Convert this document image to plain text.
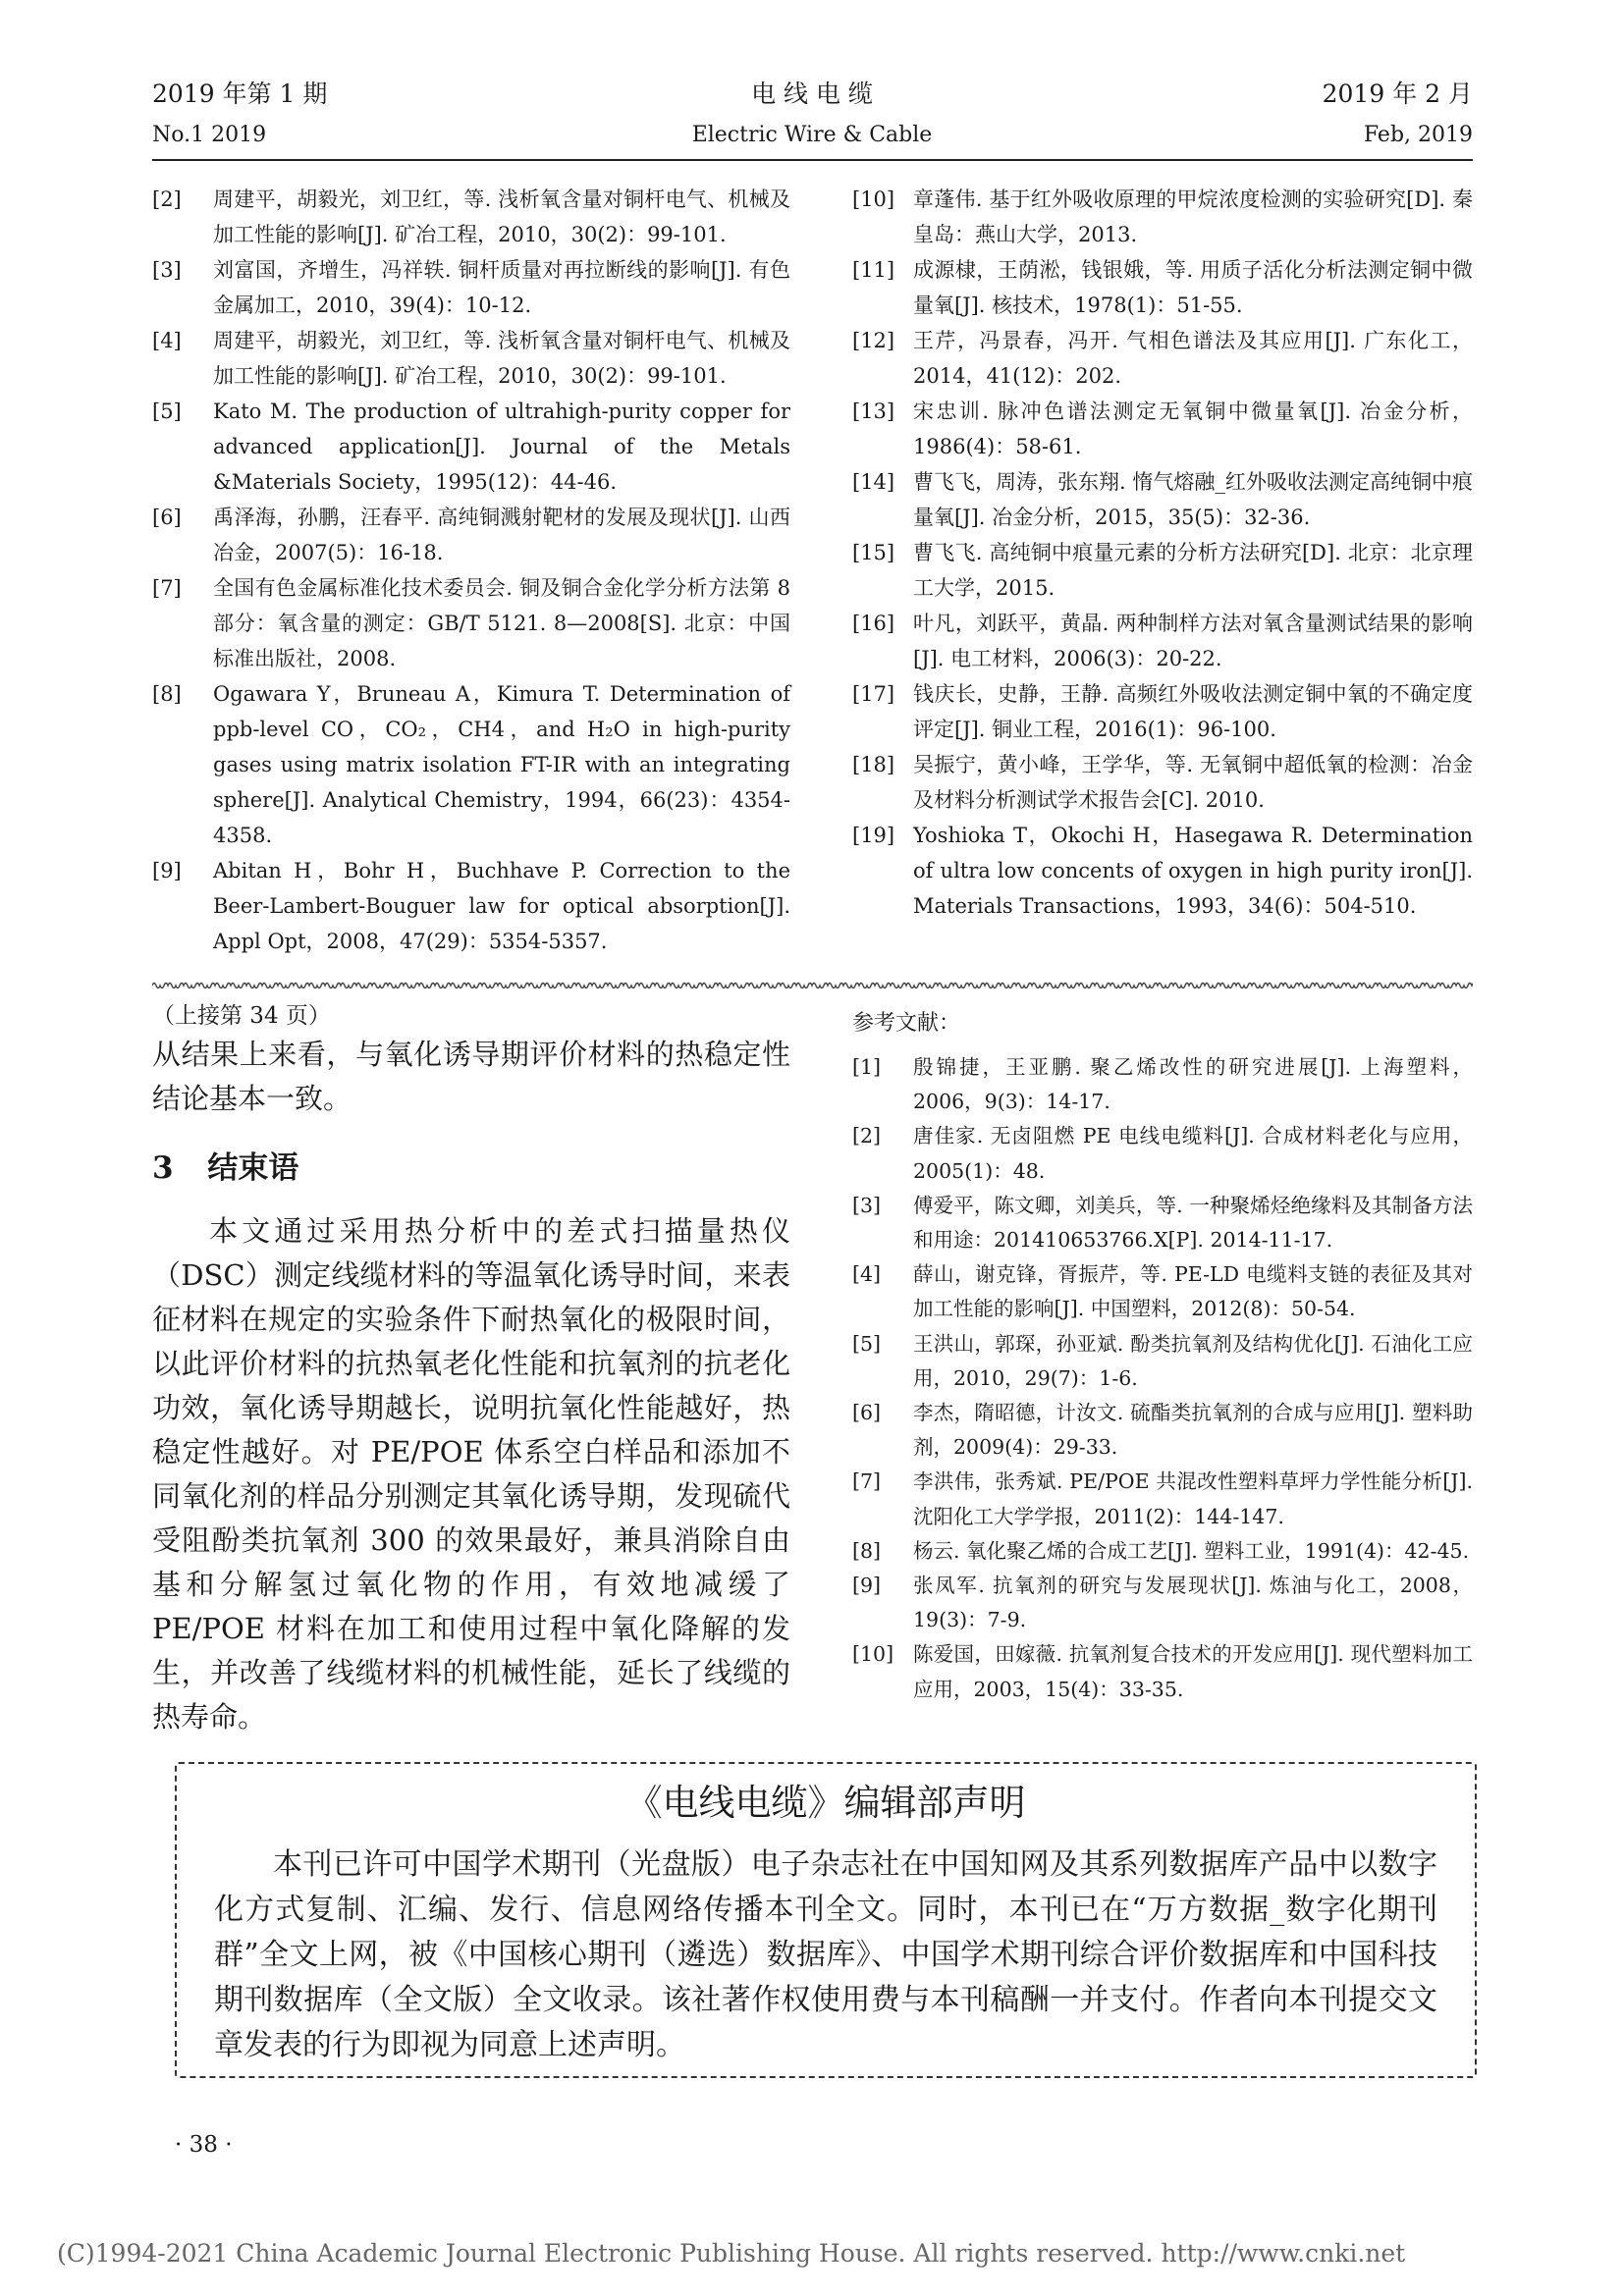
2019 年第 1 期
No.1 2019
电 线 电 缆
Electric Wire & Cable
2019 年 2 月
Feb, 2019
[2] 周建平，胡毅光，刘卫红，等. 浅析氧含量对铜杆电气、机械及加工性能的影响[J]. 矿冶工程，2010，30(2)：99-101.
[3] 刘富国，齐增生，冯祥轶. 铜杆质量对再拉断线的影响[J]. 有色金属加工，2010，39(4)：10-12.
[4] 周建平，胡毅光，刘卫红，等. 浅析氧含量对铜杆电气、机械及加工性能的影响[J]. 矿冶工程，2010，30(2)：99-101.
[5] Kato M. The production of ultrahigh-purity copper for advanced application[J]. Journal of the Metals &Materials Society，1995(12)：44-46.
[6] 禹泽海，孙鹏，汪春平. 高纯铜溅射靶材的发展及现状[J]. 山西冶金，2007(5)：16-18.
[7] 全国有色金属标准化技术委员会. 铜及铜合金化学分析方法第 8 部分：氧含量的测定：GB/T 5121. 8—2008[S]. 北京：中国标准出版社，2008.
[8] Ogawara Y，Bruneau A，Kimura T. Determination of ppb-level CO，CO₂，CH4，and H₂O in high-purity gases using matrix isolation FT-IR with an integrating sphere[J]. Analytical Chemistry，1994，66(23)：4354-4358.
[9] Abitan H，Bohr H，Buchhave P. Correction to the Beer-Lambert-Bouguer law for optical absorption[J]. Appl Opt，2008，47(29)：5354-5357.
[10] 章蓬伟. 基于红外吸收原理的甲烷浓度检测的实验研究[D]. 秦皇岛：燕山大学，2013.
[11] 成源棣，王荫淞，钱银娥，等. 用质子活化分析法测定铜中微量氧[J]. 核技术，1978(1)：51-55.
[12] 王芹，冯景春，冯开. 气相色谱法及其应用[J]. 广东化工，2014，41(12)：202.
[13] 宋忠训. 脉冲色谱法测定无氧铜中微量氧[J]. 冶金分析，1986(4)：58-61.
[14] 曹飞飞，周涛，张东翔. 惰气熔融_红外吸收法测定高纯铜中痕量氧[J]. 冶金分析，2015，35(5)：32-36.
[15] 曹飞飞. 高纯铜中痕量元素的分析方法研究[D]. 北京：北京理工大学，2015.
[16] 叶凡，刘跃平，黄晶. 两种制样方法对氧含量测试结果的影响[J]. 电工材料，2006(3)：20-22.
[17] 钱庆长，史静，王静. 高频红外吸收法测定铜中氧的不确定度评定[J]. 铜业工程，2016(1)：96-100.
[18] 吴振宁，黄小峰，王学华，等. 无氧铜中超低氧的检测：冶金及材料分析测试学术报告会[C]. 2010.
[19] Yoshioka T，Okochi H，Hasegawa R. Determination of ultra low concents of oxygen in high purity iron[J]. Materials Transactions，1993，34(6)：504-510.
（上接第 34 页）
从结果上来看，与氧化诱导期评价材料的热稳定性结论基本一致。
3 结束语
本文通过采用热分析中的差式扫描量热仪（DSC）测定线缆材料的等温氧化诱导时间，来表征材料在规定的实验条件下耐热氧化的极限时间，以此评价材料的抗热氧老化性能和抗氧剂的抗老化功效，氧化诱导期越长，说明抗氧化性能越好，热稳定性越好。对 PE/POE 体系空白样品和添加不同氧化剂的样品分别测定其氧化诱导期，发现硫代受阻酚类抗氧剂 300 的效果最好，兼具消除自由基和分解氢过氧化物的作用，有效地减缓了 PE/POE 材料在加工和使用过程中氧化降解的发生，并改善了线缆材料的机械性能，延长了线缆的热寿命。
参考文献：
[1] 殷锦捷，王亚鹏. 聚乙烯改性的研究进展[J]. 上海塑料，2006，9(3)：14-17.
[2] 唐佳家. 无卤阻燃 PE 电线电缆料[J]. 合成材料老化与应用，2005(1)：48.
[3] 傅爱平，陈文卿，刘美兵，等. 一种聚烯烃绝缘料及其制备方法和用途：201410653766.X[P]. 2014-11-17.
[4] 薛山，谢克锋，胥振芹，等. PE-LD 电缆料支链的表征及其对加工性能的影响[J]. 中国塑料，2012(8)：50-54.
[5] 王洪山，郭琛，孙亚斌. 酚类抗氧剂及结构优化[J]. 石油化工应用，2010，29(7)：1-6.
[6] 李杰，隋昭德，计汝文. 硫酯类抗氧剂的合成与应用[J]. 塑料助剂，2009(4)：29-33.
[7] 李洪伟，张秀斌. PE/POE 共混改性塑料草坪力学性能分析[J]. 沈阳化工大学学报，2011(2)：144-147.
[8] 杨云. 氧化聚乙烯的合成工艺[J]. 塑料工业，1991(4)：42-45.
[9] 张凤军. 抗氧剂的研究与发展现状[J]. 炼油与化工，2008，19(3)：7-9.
[10] 陈爱国，田嫁薇. 抗氧剂复合技术的开发应用[J]. 现代塑料加工应用，2003，15(4)：33-35.
《电线电缆》编辑部声明
本刊已许可中国学术期刊（光盘版）电子杂志社在中国知网及其系列数据库产品中以数字化方式复制、汇编、发行、信息网络传播本刊全文。同时，本刊已在“万方数据_数字化期刊群”全文上网，被《中国核心期刊（遴选）数据库》、中国学术期刊综合评价数据库和中国科技期刊数据库（全文版）全文收录。该社著作权使用费与本刊稿酬一并支付。作者向本刊提交文章发表的行为即视为同意上述声明。
· 38 ·
(C)1994-2021 China Academic Journal Electronic Publishing House. All rights reserved. http://www.cnki.net
